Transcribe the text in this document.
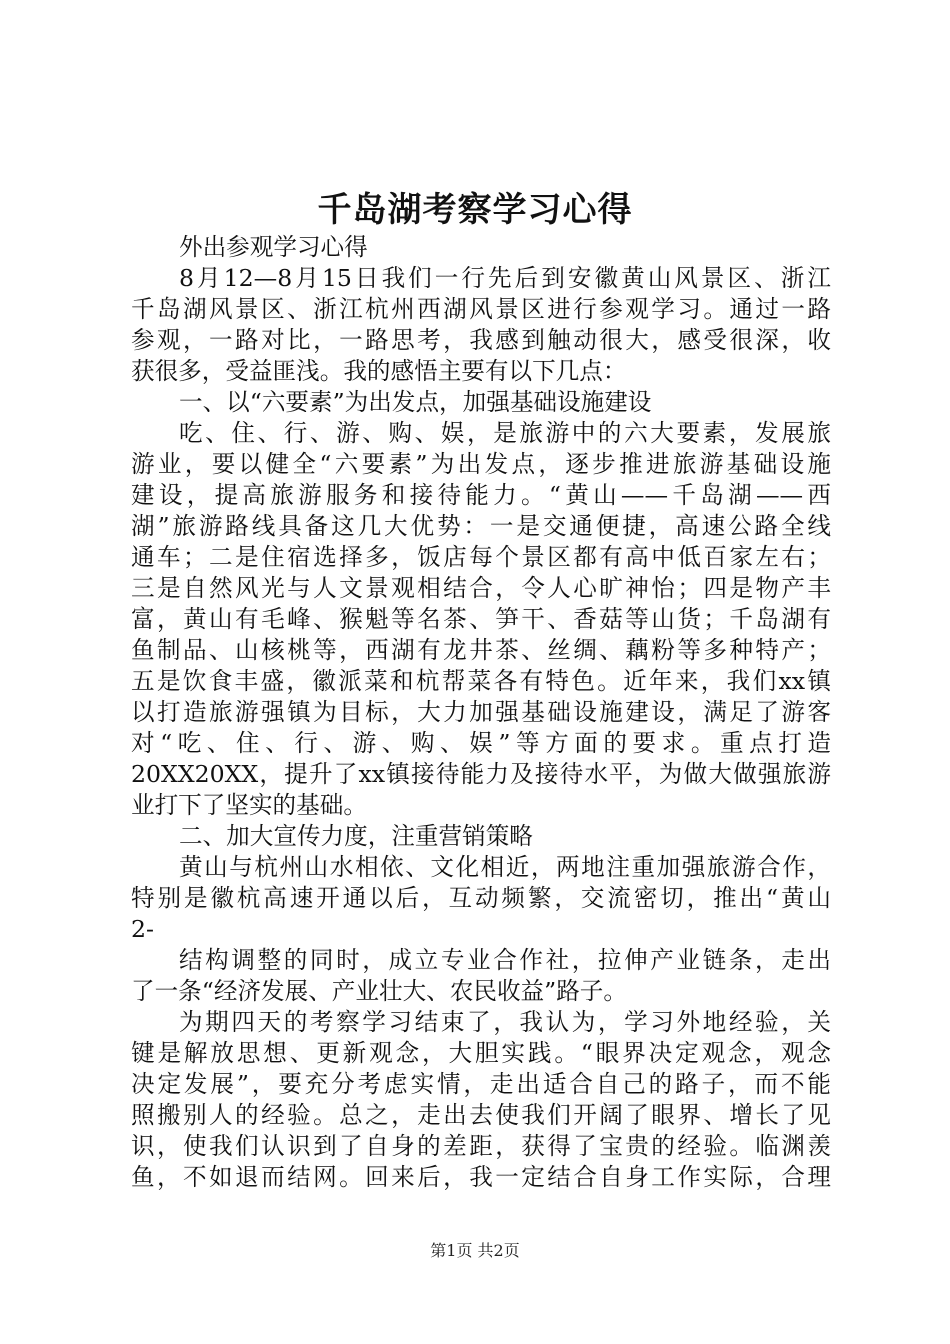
千岛湖考察学习心得
外出参观学习心得
8月12—8月15日我们一行先后到安徽黄山风景区、浙江
千岛湖风景区、浙江杭州西湖风景区进行参观学习。通过一路
参观，一路对比，一路思考，我感到触动很大，感受很深，收
获很多，受益匪浅。我的感悟主要有以下几点：
一、以“六要素”为出发点，加强基础设施建设
吃、住、行、游、购、娱，是旅游中的六大要素，发展旅
游业，要以健全“六要素”为出发点，逐步推进旅游基础设施
建设，提高旅游服务和接待能力。“黄山——千岛湖——西
湖”旅游路线具备这几大优势：一是交通便捷，高速公路全线
通车；二是住宿选择多，饭店每个景区都有高中低百家左右；
三是自然风光与人文景观相结合，令人心旷神怡；四是物产丰
富，黄山有毛峰、猴魁等名茶、笋干、香菇等山货；千岛湖有
鱼制品、山核桃等，西湖有龙井茶、丝绸、藕粉等多种特产；
五是饮食丰盛，徽派菜和杭帮菜各有特色。近年来，我们xx镇
以打造旅游强镇为目标，大力加强基础设施建设，满足了游客
对“吃、住、行、游、购、娱”等方面的要求。重点打造
20XX20XX，提升了xx镇接待能力及接待水平，为做大做强旅游
业打下了坚实的基础。
二、加大宣传力度，注重营销策略
黄山与杭州山水相依、文化相近，两地注重加强旅游合作，
特别是徽杭高速开通以后，互动频繁，交流密切，推出“黄山
2-
结构调整的同时，成立专业合作社，拉伸产业链条，走出
了一条“经济发展、产业壮大、农民收益”路子。
为期四天的考察学习结束了，我认为，学习外地经验，关
键是解放思想、更新观念，大胆实践。“眼界决定观念，观念
决定发展”，要充分考虑实情，走出适合自己的路子，而不能
照搬别人的经验。总之，走出去使我们开阔了眼界、增长了见
识，使我们认识到了自身的差距，获得了宝贵的经验。临渊羡
鱼，不如退而结网。回来后，我一定结合自身工作实际，合理
第1页 共2页
